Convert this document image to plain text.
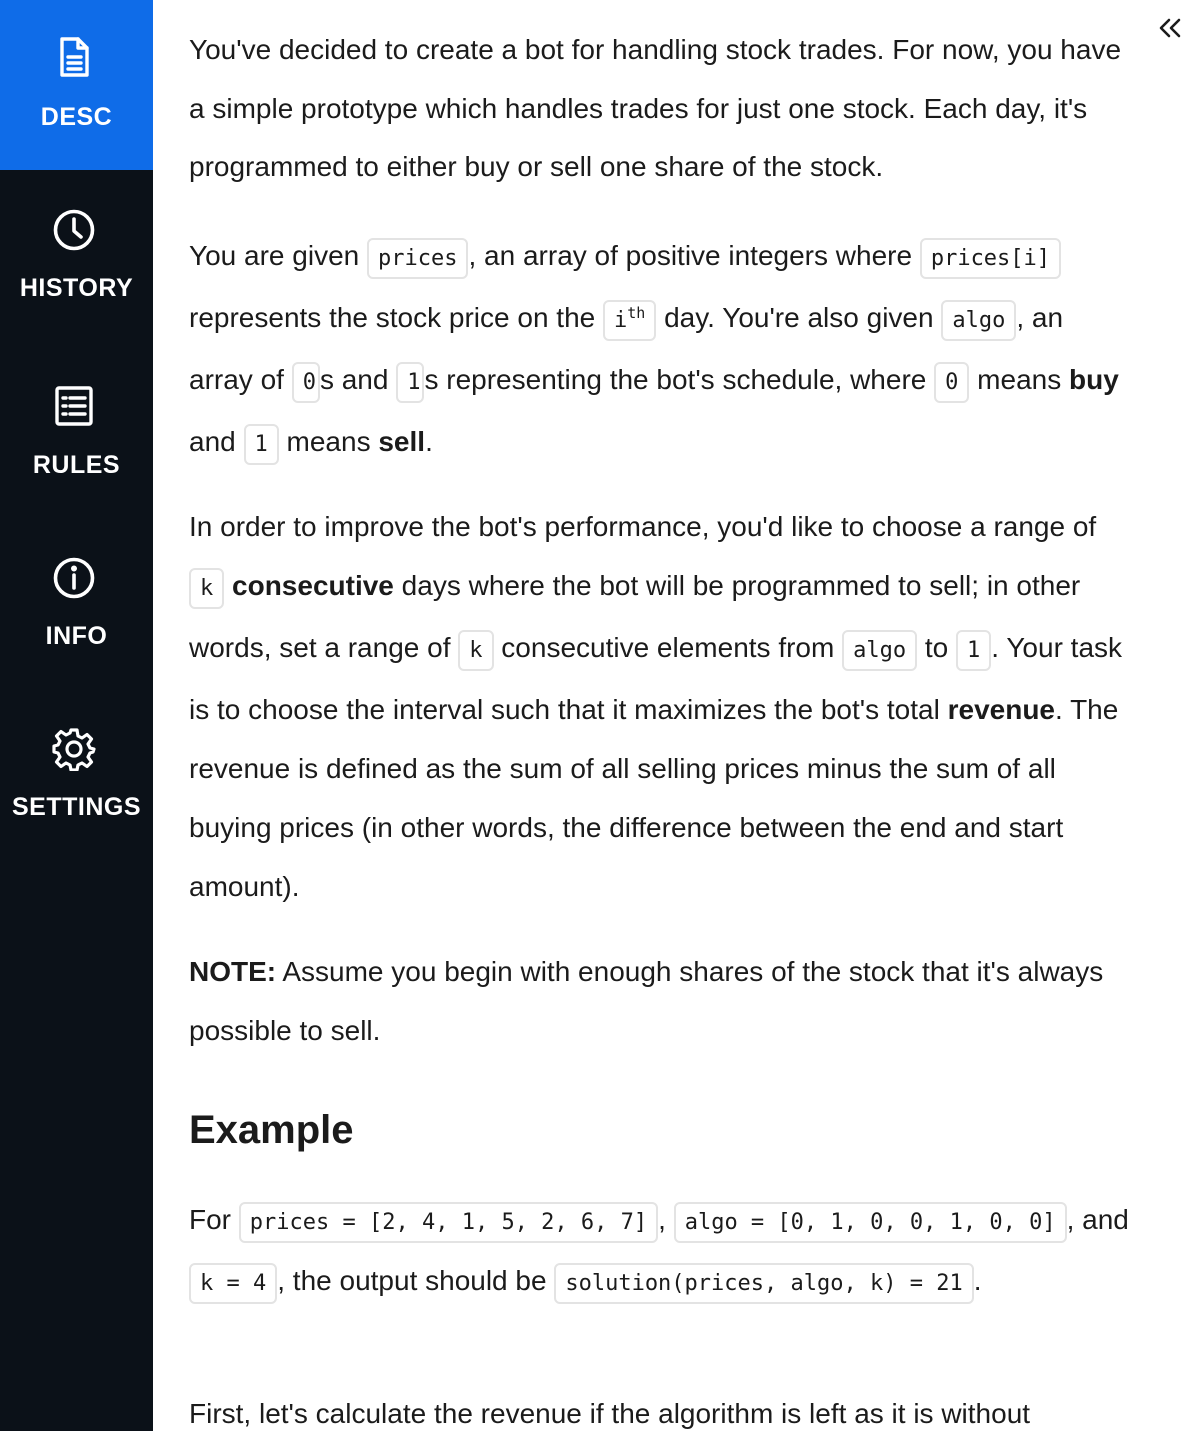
DESC
HISTORY
RULES
INFO
SETTINGS

You've decided to create a bot for handling stock trades. For now, you have a simple prototype which handles trades for just one stock. Each day, it's programmed to either buy or sell one share of the stock.

You are given prices , an array of positive integers where prices[i] represents the stock price on the $i^{th}$ day. You're also given algo , an array of 0 s and 1 s representing the bot's schedule, where 0 means buy and 1 means sell.

In order to improve the bot's performance, you'd like to choose a range of k consecutive days where the bot will be programmed to sell; in other words, set a range of k consecutive elements from algo to 1 . Your task is to choose the interval such that it maximizes the bot's total revenue. The revenue is defined as the sum of all selling prices minus the sum of all buying prices (in other words, the difference between the end and start amount).

NOTE: Assume you begin with enough shares of the stock that it's always possible to sell.

Example

For prices = [2, 4, 1, 5, 2, 6, 7] , algo = [0, 1, 0, 0, 1, 0, 0] , and k = 4 , the output should be solution(prices, algo, k) = 21 .

First, let's calculate the revenue if the algorithm is left as it is without
